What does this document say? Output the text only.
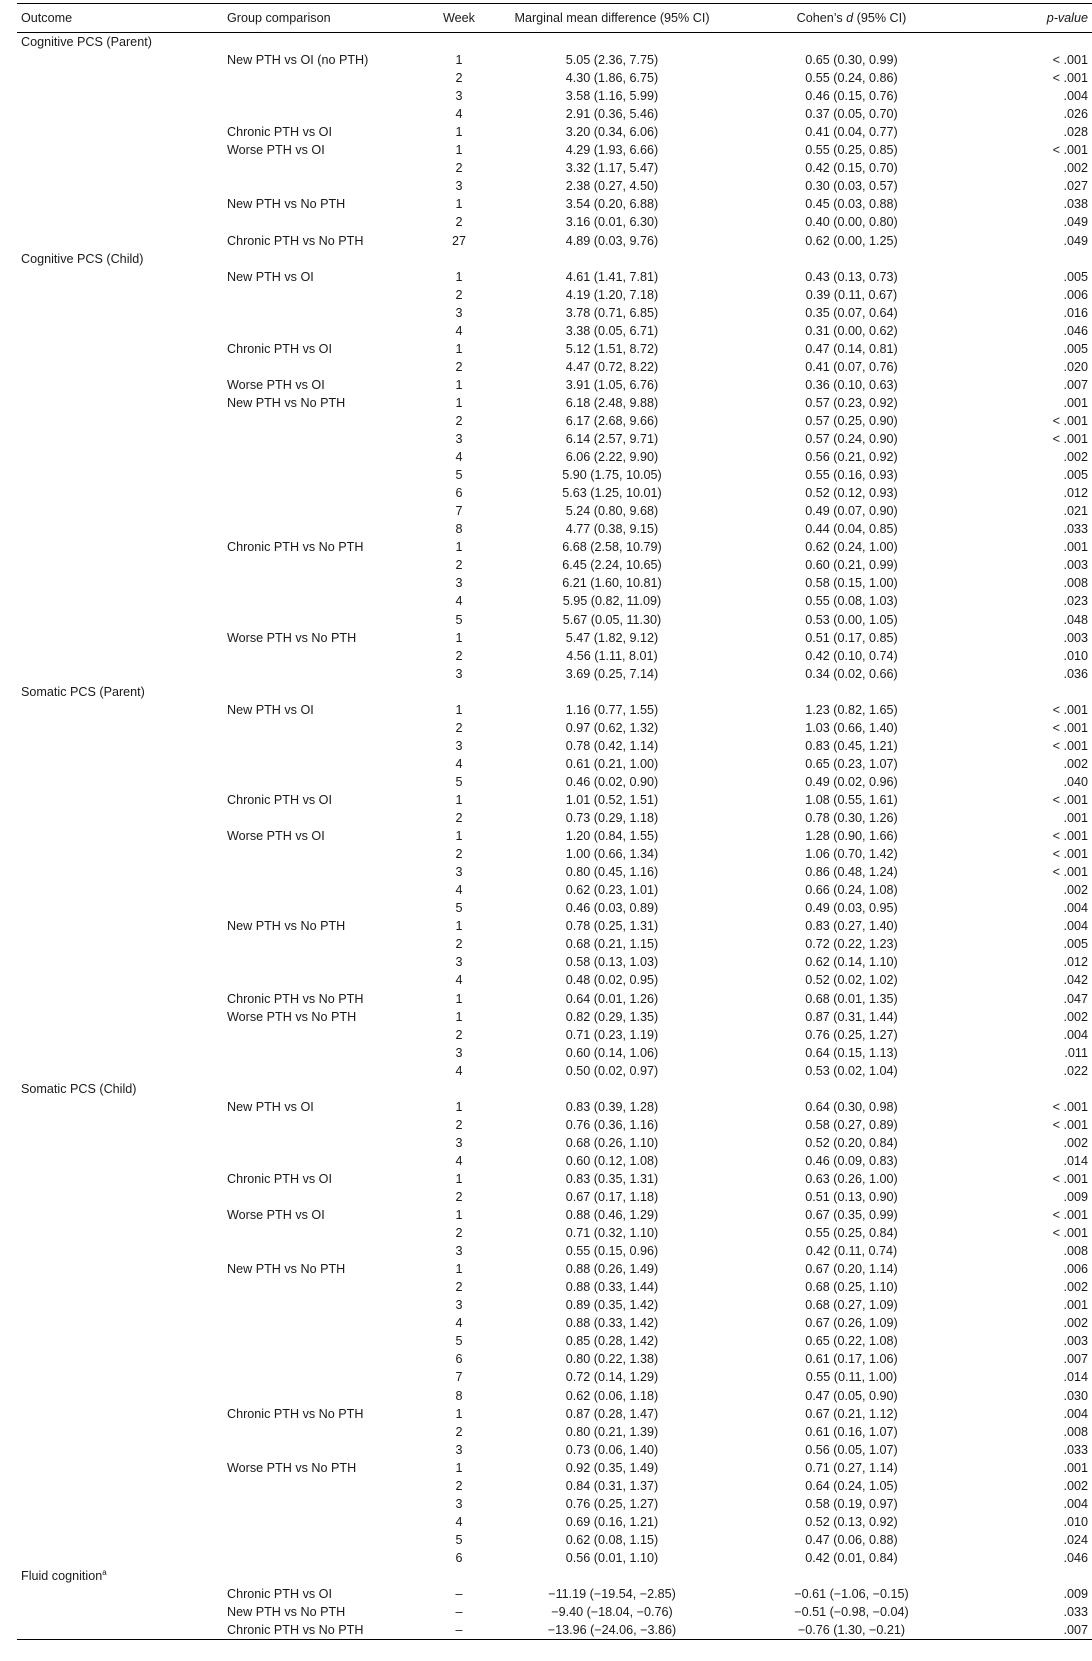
Outcome	Group comparison	Week	Marginal mean difference (95% CI)	Cohen’s d (95% CI)	p-value
Cognitive PCS (Parent)					
	New PTH vs OI (no PTH)	1	5.05 (2.36, 7.75)	0.65 (0.30, 0.99)	< .001
		2	4.30 (1.86, 6.75)	0.55 (0.24, 0.86)	< .001
		3	3.58 (1.16, 5.99)	0.46 (0.15, 0.76)	.004
		4	2.91 (0.36, 5.46)	0.37 (0.05, 0.70)	.026
	Chronic PTH vs OI	1	3.20 (0.34, 6.06)	0.41 (0.04, 0.77)	.028
	Worse PTH vs OI	1	4.29 (1.93, 6.66)	0.55 (0.25, 0.85)	< .001
		2	3.32 (1.17, 5.47)	0.42 (0.15, 0.70)	.002
		3	2.38 (0.27, 4.50)	0.30 (0.03, 0.57)	.027
	New PTH vs No PTH	1	3.54 (0.20, 6.88)	0.45 (0.03, 0.88)	.038
		2	3.16 (0.01, 6.30)	0.40 (0.00, 0.80)	.049
	Chronic PTH vs No PTH	27	4.89 (0.03, 9.76)	0.62 (0.00, 1.25)	.049
Cognitive PCS (Child)					
	New PTH vs OI	1	4.61 (1.41, 7.81)	0.43 (0.13, 0.73)	.005
		2	4.19 (1.20, 7.18)	0.39 (0.11, 0.67)	.006
		3	3.78 (0.71, 6.85)	0.35 (0.07, 0.64)	.016
		4	3.38 (0.05, 6.71)	0.31 (0.00, 0.62)	.046
	Chronic PTH vs OI	1	5.12 (1.51, 8.72)	0.47 (0.14, 0.81)	.005
		2	4.47 (0.72, 8.22)	0.41 (0.07, 0.76)	.020
	Worse PTH vs OI	1	3.91 (1.05, 6.76)	0.36 (0.10, 0.63)	.007
	New PTH vs No PTH	1	6.18 (2.48, 9.88)	0.57 (0.23, 0.92)	.001
		2	6.17 (2.68, 9.66)	0.57 (0.25, 0.90)	< .001
		3	6.14 (2.57, 9.71)	0.57 (0.24, 0.90)	< .001
		4	6.06 (2.22, 9.90)	0.56 (0.21, 0.92)	.002
		5	5.90 (1.75, 10.05)	0.55 (0.16, 0.93)	.005
		6	5.63 (1.25, 10.01)	0.52 (0.12, 0.93)	.012
		7	5.24 (0.80, 9.68)	0.49 (0.07, 0.90)	.021
		8	4.77 (0.38, 9.15)	0.44 (0.04, 0.85)	.033
	Chronic PTH vs No PTH	1	6.68 (2.58, 10.79)	0.62 (0.24, 1.00)	.001
		2	6.45 (2.24, 10.65)	0.60 (0.21, 0.99)	.003
		3	6.21 (1.60, 10.81)	0.58 (0.15, 1.00)	.008
		4	5.95 (0.82, 11.09)	0.55 (0.08, 1.03)	.023
		5	5.67 (0.05, 11.30)	0.53 (0.00, 1.05)	.048
	Worse PTH vs No PTH	1	5.47 (1.82, 9.12)	0.51 (0.17, 0.85)	.003
		2	4.56 (1.11, 8.01)	0.42 (0.10, 0.74)	.010
		3	3.69 (0.25, 7.14)	0.34 (0.02, 0.66)	.036
Somatic PCS (Parent)					
	New PTH vs OI	1	1.16 (0.77, 1.55)	1.23 (0.82, 1.65)	< .001
		2	0.97 (0.62, 1.32)	1.03 (0.66, 1.40)	< .001
		3	0.78 (0.42, 1.14)	0.83 (0.45, 1.21)	< .001
		4	0.61 (0.21, 1.00)	0.65 (0.23, 1.07)	.002
		5	0.46 (0.02, 0.90)	0.49 (0.02, 0.96)	.040
	Chronic PTH vs OI	1	1.01 (0.52, 1.51)	1.08 (0.55, 1.61)	< .001
		2	0.73 (0.29, 1.18)	0.78 (0.30, 1.26)	.001
	Worse PTH vs OI	1	1.20 (0.84, 1.55)	1.28 (0.90, 1.66)	< .001
		2	1.00 (0.66, 1.34)	1.06 (0.70, 1.42)	< .001
		3	0.80 (0.45, 1.16)	0.86 (0.48, 1.24)	< .001
		4	0.62 (0.23, 1.01)	0.66 (0.24, 1.08)	.002
		5	0.46 (0.03, 0.89)	0.49 (0.03, 0.95)	.004
	New PTH vs No PTH	1	0.78 (0.25, 1.31)	0.83 (0.27, 1.40)	.004
		2	0.68 (0.21, 1.15)	0.72 (0.22, 1.23)	.005
		3	0.58 (0.13, 1.03)	0.62 (0.14, 1.10)	.012
		4	0.48 (0.02, 0.95)	0.52 (0.02, 1.02)	.042
	Chronic PTH vs No PTH	1	0.64 (0.01, 1.26)	0.68 (0.01, 1.35)	.047
	Worse PTH vs No PTH	1	0.82 (0.29, 1.35)	0.87 (0.31, 1.44)	.002
		2	0.71 (0.23, 1.19)	0.76 (0.25, 1.27)	.004
		3	0.60 (0.14, 1.06)	0.64 (0.15, 1.13)	.011
		4	0.50 (0.02, 0.97)	0.53 (0.02, 1.04)	.022
Somatic PCS (Child)					
	New PTH vs OI	1	0.83 (0.39, 1.28)	0.64 (0.30, 0.98)	< .001
		2	0.76 (0.36, 1.16)	0.58 (0.27, 0.89)	< .001
		3	0.68 (0.26, 1.10)	0.52 (0.20, 0.84)	.002
		4	0.60 (0.12, 1.08)	0.46 (0.09, 0.83)	.014
	Chronic PTH vs OI	1	0.83 (0.35, 1.31)	0.63 (0.26, 1.00)	< .001
		2	0.67 (0.17, 1.18)	0.51 (0.13, 0.90)	.009
	Worse PTH vs OI	1	0.88 (0.46, 1.29)	0.67 (0.35, 0.99)	< .001
		2	0.71 (0.32, 1.10)	0.55 (0.25, 0.84)	< .001
		3	0.55 (0.15, 0.96)	0.42 (0.11, 0.74)	.008
	New PTH vs No PTH	1	0.88 (0.26, 1.49)	0.67 (0.20, 1.14)	.006
		2	0.88 (0.33, 1.44)	0.68 (0.25, 1.10)	.002
		3	0.89 (0.35, 1.42)	0.68 (0.27, 1.09)	.001
		4	0.88 (0.33, 1.42)	0.67 (0.26, 1.09)	.002
		5	0.85 (0.28, 1.42)	0.65 (0.22, 1.08)	.003
		6	0.80 (0.22, 1.38)	0.61 (0.17, 1.06)	.007
		7	0.72 (0.14, 1.29)	0.55 (0.11, 1.00)	.014
		8	0.62 (0.06, 1.18)	0.47 (0.05, 0.90)	.030
	Chronic PTH vs No PTH	1	0.87 (0.28, 1.47)	0.67 (0.21, 1.12)	.004
		2	0.80 (0.21, 1.39)	0.61 (0.16, 1.07)	.008
		3	0.73 (0.06, 1.40)	0.56 (0.05, 1.07)	.033
	Worse PTH vs No PTH	1	0.92 (0.35, 1.49)	0.71 (0.27, 1.14)	.001
		2	0.84 (0.31, 1.37)	0.64 (0.24, 1.05)	.002
		3	0.76 (0.25, 1.27)	0.58 (0.19, 0.97)	.004
		4	0.69 (0.16, 1.21)	0.52 (0.13, 0.92)	.010
		5	0.62 (0.08, 1.15)	0.47 (0.06, 0.88)	.024
		6	0.56 (0.01, 1.10)	0.42 (0.01, 0.84)	.046
Fluid cognition$^a$					
	Chronic PTH vs OI	–	−11.19 (−19.54, −2.85)	−0.61 (−1.06, −0.15)	.009
	New PTH vs No PTH	–	−9.40 (−18.04, −0.76)	−0.51 (−0.98, −0.04)	.033
	Chronic PTH vs No PTH	–	−13.96 (−24.06, −3.86)	−0.76 (1.30, −0.21)	.007
